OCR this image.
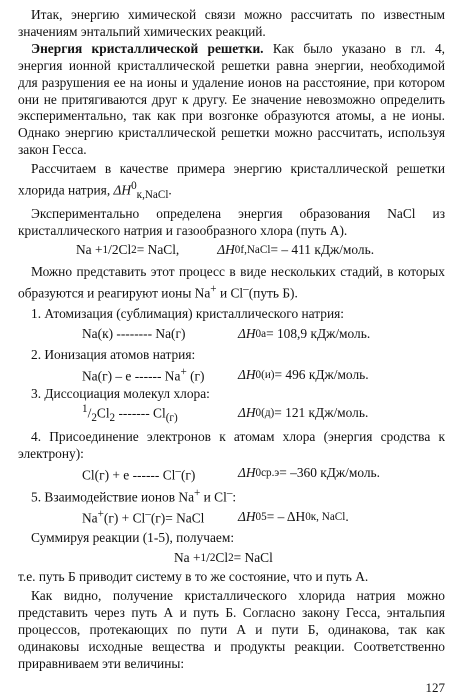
Итак, энергию химической связи можно рассчитать по известным значениям энтальпий химических реакций.

Энергия кристаллической решетки. Как было указано в гл. 4, энергия ионной кристаллической решетки равна энергии, необходимой для разрушения ее на ионы и удаление ионов на расстояние, при котором они не притягиваются друг к другу. Ее значение невозможно определить экспериментально, так как при возгонке образуются атомы, а не ионы. Однако энергию кристаллической решетки можно рассчитать, используя закон Гесса.

Рассчитаем в качестве примера энергию кристаллической решетки хлорида натрия, $\Delta H^0_{к,NaCl}$.

Экспериментально определена энергия образования NaCl из кристаллического натрия и газообразного хлора (путь А).

Na + 1 /2 Cl 2 = NaCl,	ΔH 0 f,NaCl = – 411 кДж/моль.

Можно представить этот процесс в виде нескольких стадий, в которых образуются и реагируют ионы Na+ и Cl–(путь Б).

1. Атомизация (сублимация) кристаллического натрия:
Na(к) -------- Na(г)	ΔH 0 a = 108,9 кДж/моль.
2. Ионизация атомов натрия:
Na(г) – e ------ Na+ (г)	ΔH 0 (и) = 496 кДж/моль.
3. Диссоциация молекул хлора:
$^1/_2Cl_2$ ------- $Cl_{(г)}$	ΔH 0 (д) = 121 кДж/моль.

4. Присоединение электронов к атомам хлора (энергия сродства к электрону):

Cl(г) + e ------ Cl–(г)	ΔH 0 ср.э = –360 кДж/моль.
5. Взаимодействие ионов Na+ и Cl–:
Na+(г) + Cl–(г)= NaCl	ΔH 0 5 = – ΔH 0 к, NaCl .
Суммируя реакции (1-5), получаем:
Na + 1 / 2 Cl 2 = NaCl

т.е. путь Б приводит систему в то же состояние, что и путь А.

Как видно, получение кристаллического хлорида натрия можно представить через путь А и путь Б. Согласно закону Гесса, энтальпия процессов, протекающих по пути А и пути Б, одинакова, так как одинаковы исходные вещества и продукты реакции. Соответственно приравниваем эти величины:

127
